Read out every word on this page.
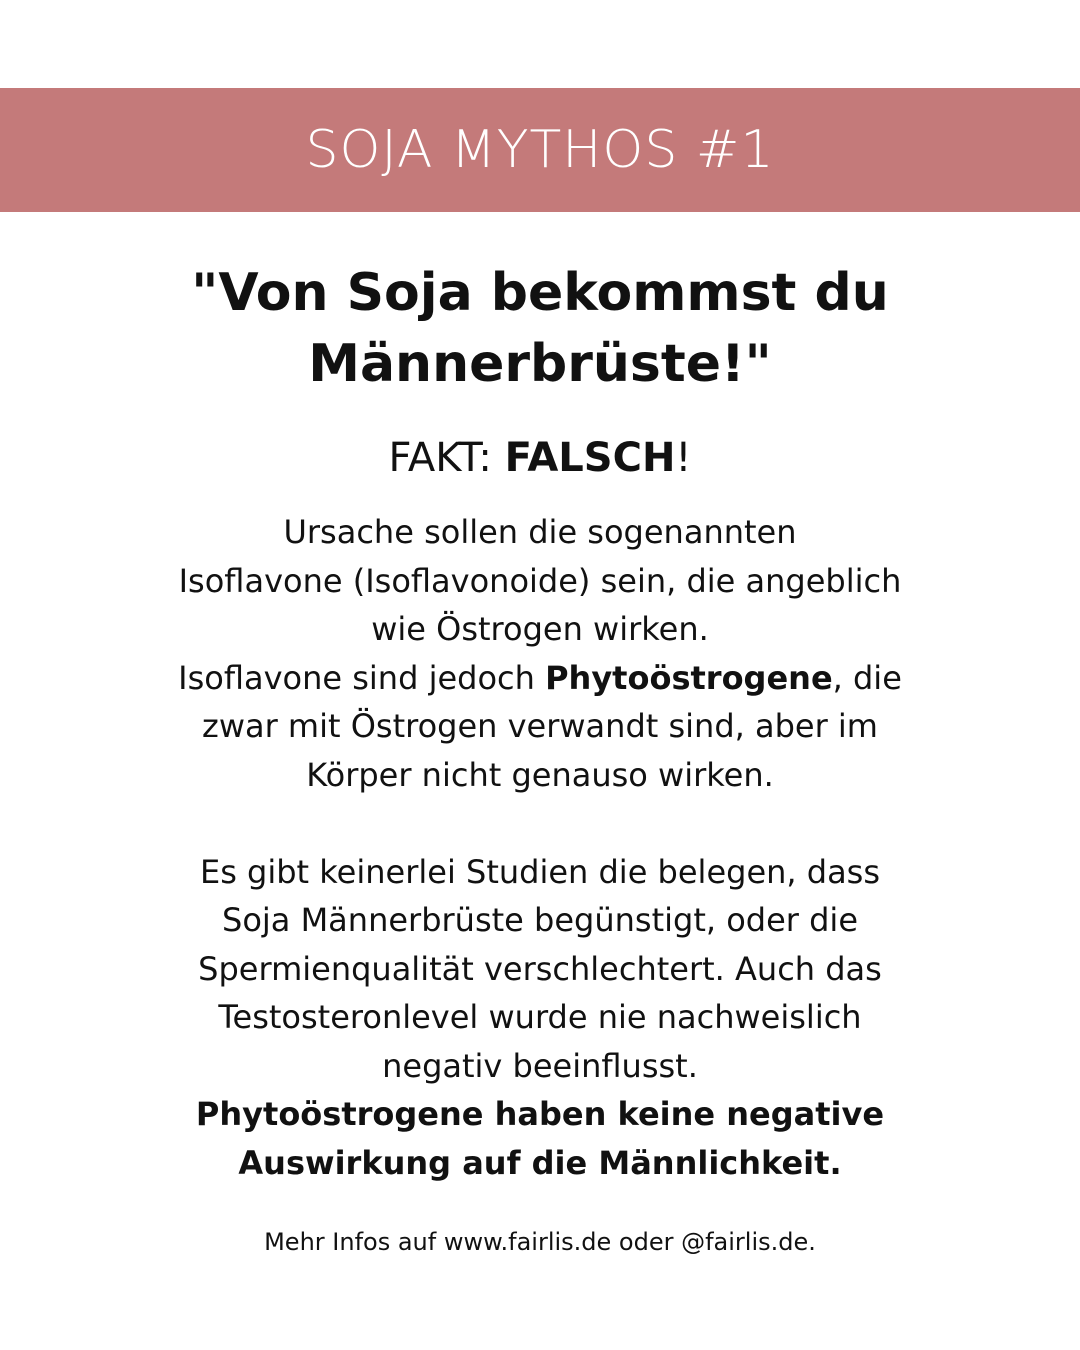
SOJA MYTHOS #1
"Von Soja bekommst du
Männerbrüste!"
FAKT: FALSCH!

Ursache sollen die sogenannten

Isoflavone (Isoflavonoide) sein, die angeblich

wie Östrogen wirken.

Isoflavone sind jedoch Phytoöstrogene, die

zwar mit Östrogen verwandt sind, aber im

Körper nicht genauso wirken.

Es gibt keinerlei Studien die belegen, dass

Soja Männerbrüste begünstigt, oder die

Spermienqualität verschlechtert. Auch das

Testosteronlevel wurde nie nachweislich

negativ beeinflusst.

Phytoöstrogene haben keine negative

Auswirkung auf die Männlichkeit.

Mehr Infos auf www.fairlis.de oder @fairlis.de.
